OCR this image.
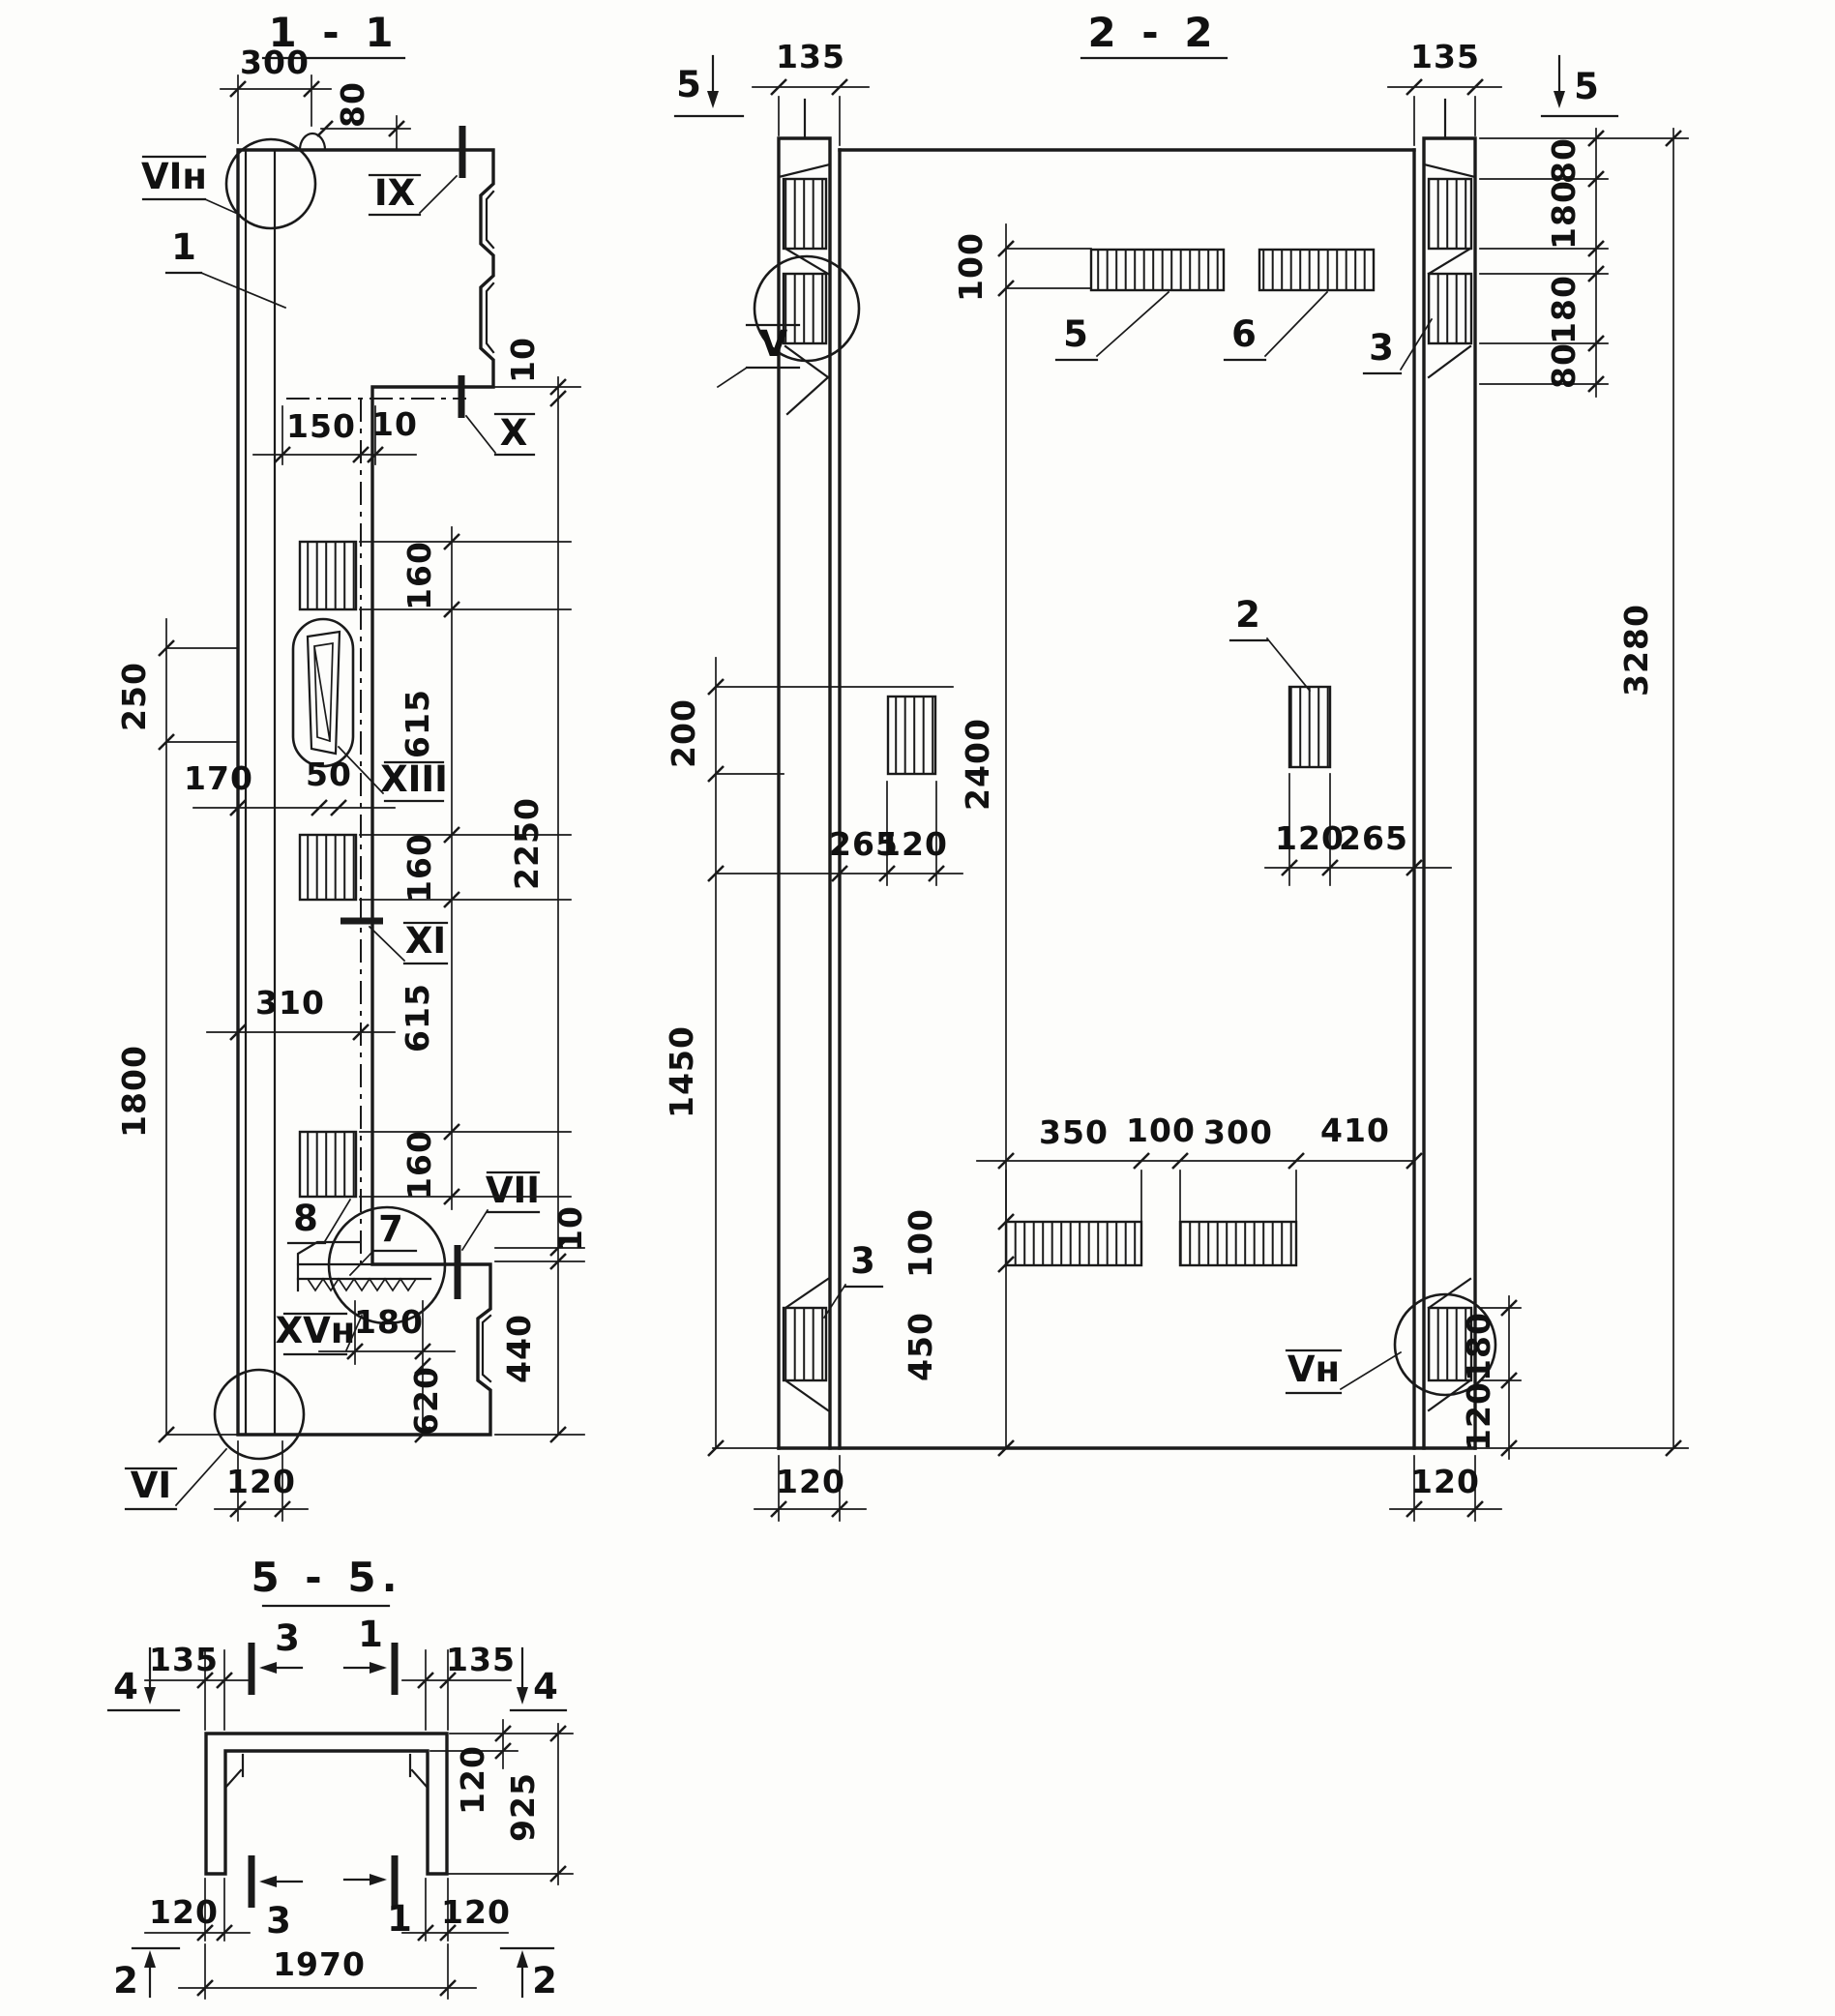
1 - 1
XIII
7
VII
VIн
VI
1
8
IX
X
XI
XVн
300
80
150 10
160
615
160
615
160
10
2250
10
440
250
1800
170 50
310
180
620
120
2 - 2
V	3
Vн
5	6
100
2400
100
450
200
1450
265
120
2
120
265
350 100 300 410
3
135
5
135
5
80
180
180
80
3280
180
120
120	120
5 - 5.
4
135
3 1
135
4
120 925
120 3	1 120
1970
2	2
